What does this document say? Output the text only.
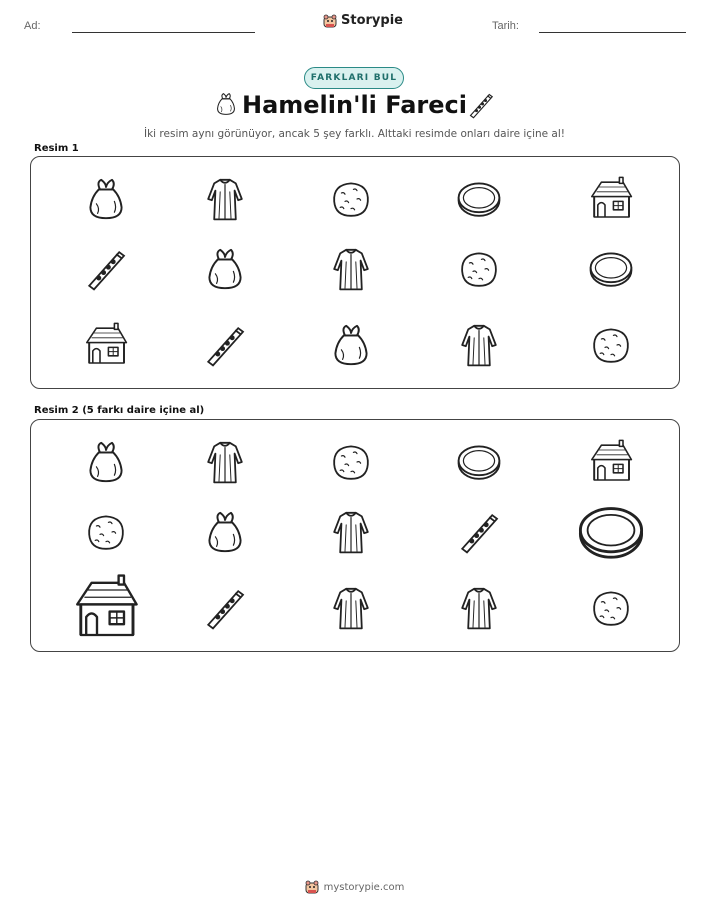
Ad:	Storypie	Tarih:
FARKLARI BUL
Hamelin'li Fareci
İki resim aynı görünüyor, ancak 5 şey farklı. Alttaki resimde onları daire içine al!
Resim 1
Resim 2 (5 farkı daire içine al)
mystorypie.com
